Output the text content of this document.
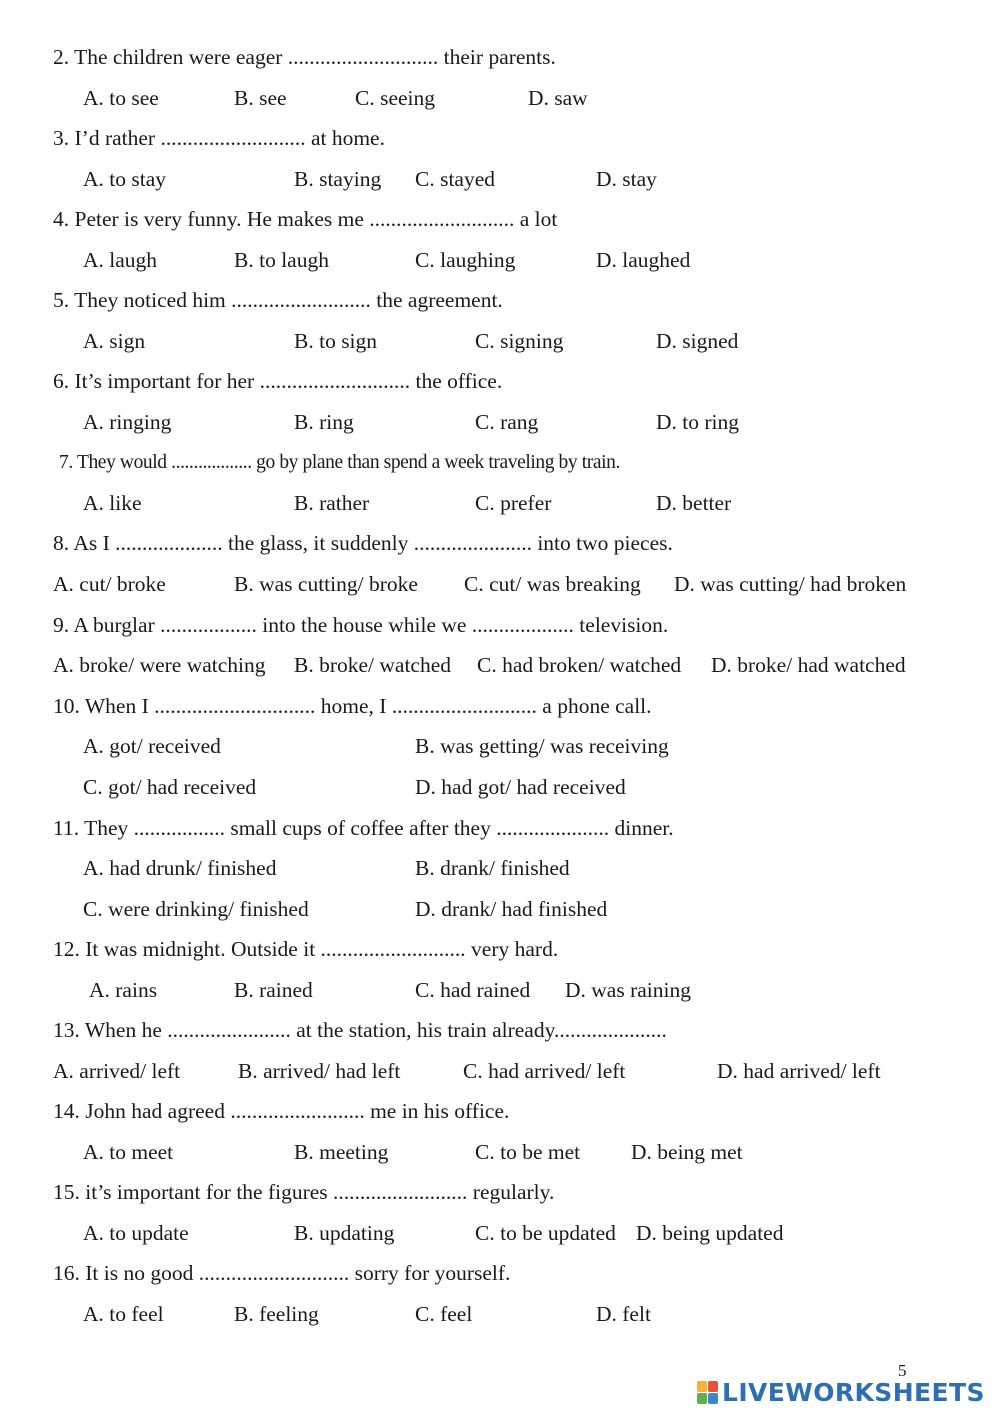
2. The children were eager ............................ their parents.
A. to see	B. see	C. seeing	D. saw
3. I’d rather ........................... at home.
A. to stay	B. staying C. stayed	D. stay
4. Peter is very funny. He makes me ........................... a lot
A. laugh	B. to laugh	C. laughing	D. laughed
5. They noticed him .......................... the agreement.
A. sign	B. to sign	C. signing	D. signed
6. It’s important for her ............................ the office.
A. ringing	B. ring	C. rang	D. to ring
7. They would .................. go by plane than spend a week traveling by train.
A. like	B. rather	C. prefer	D. better
8. As I .................... the glass, it suddenly ...................... into two pieces.
A. cut/ broke	B. was cutting/ broke C. cut/ was breaking D. was cutting/ had broken
9. A burglar .................. into the house while we ................... television.
A. broke/ were watching B. broke/ watched C. had broken/ watched D. broke/ had watched
10. When I .............................. home, I ........................... a phone call.
A. got/ received	B. was getting/ was receiving
C. got/ had received	D. had got/ had received
11. They ................. small cups of coffee after they ..................... dinner.
A. had drunk/ finished	B. drank/ finished
C. were drinking/ finished	D. drank/ had finished
12. It was midnight. Outside it ........................... very hard.
A. rains	B. rained	C. had rained D. was raining
13. When he ....................... at the station, his train already.....................
A. arrived/ left	B. arrived/ had left	C. had arrived/ left	D. had arrived/ left
14. John had agreed ......................... me in his office.
A. to meet	B. meeting	C. to be met D. being met
15. it’s important for the figures ......................... regularly.
A. to update	B. updating	C. to be updated D. being updated
16. It is no good ............................ sorry for yourself.
A. to feel	B. feeling	C. feel	D. felt
5
LIVEWORKSHEETS
